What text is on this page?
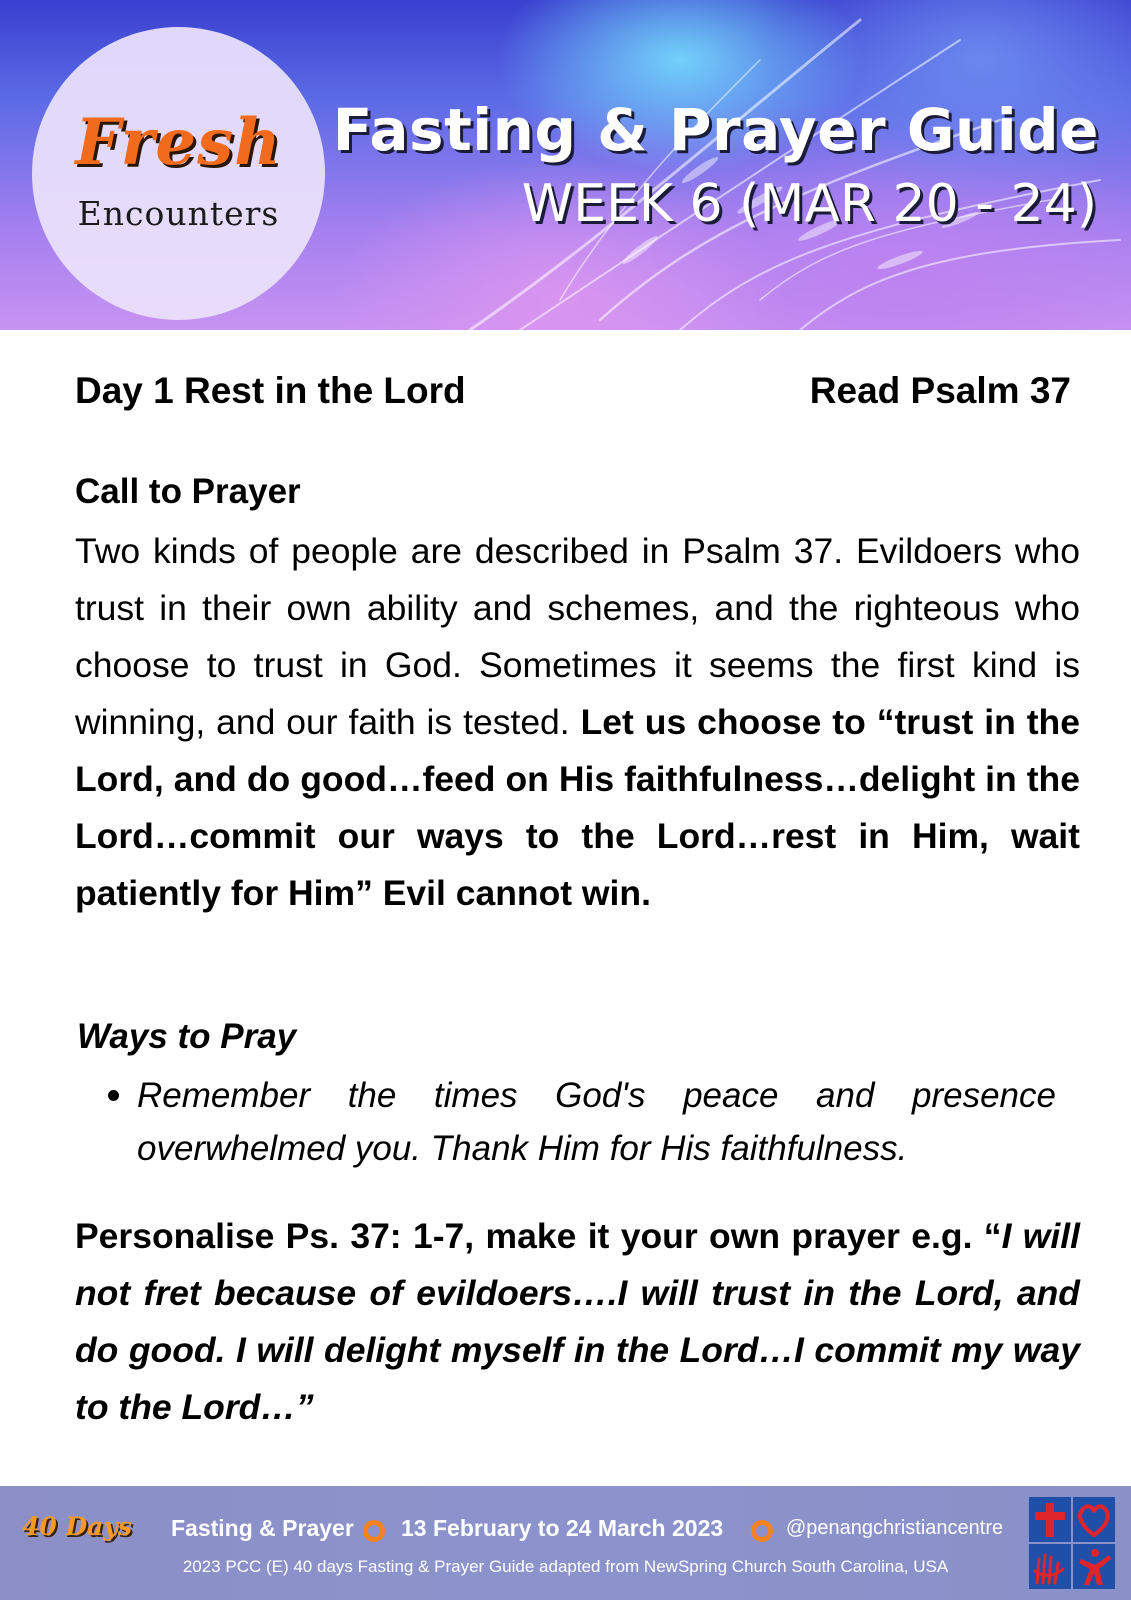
Fresh
Encounters
Fasting & Prayer Guide
WEEK 6 (MAR 20 - 24)
Day 1 Rest in the Lord	Read Psalm 37
Call to Prayer
Two kinds of people are described in Psalm 37. Evildoers who trust in their own ability and schemes, and the righteous who choose to trust in God. Sometimes it seems the first kind is winning, and our faith is tested. Let us choose to “trust in the Lord, and do good…feed on His faithfulness…delight in the Lord…commit our ways to the Lord…rest in Him, wait patiently for Him” Evil cannot win.
Ways to Pray
Remember the times God's peace and presence overwhelmed you. Thank Him for His faithfulness.
Personalise Ps. 37: 1-7, make it your own prayer e.g. “I will not fret because of evildoers….I will trust in the Lord, and do good. I will delight myself in the Lord…I commit my way to the Lord…”
40 Days Fasting & Prayer 13 February to 24 March 2023	@penangchristiancentre
2023 PCC (E) 40 days Fasting & Prayer Guide adapted from NewSpring Church South Carolina, USA
